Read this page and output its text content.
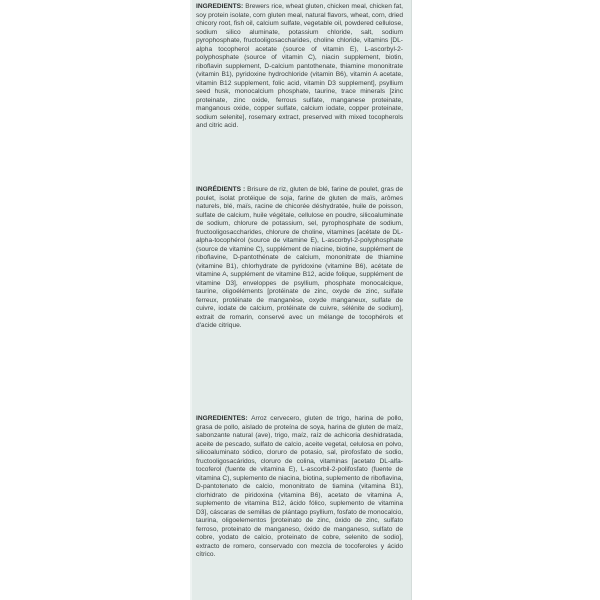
INGREDIENTS: Brewers rice, wheat gluten, chicken meal, chicken fat, soy protein isolate, corn gluten meal, natural flavors, wheat, corn, dried chicory root, fish oil, calcium sulfate, vegetable oil, powdered cellulose, sodium silico aluminate, potassium chloride, salt, sodium pyrophosphate, fructooligosaccharides, choline chloride, vitamins [DL-alpha tocopherol acetate (source of vitamin E), L-ascorbyl-2-polyphosphate (source of vitamin C), niacin supplement, biotin, riboflavin supplement, D-calcium pantothenate, thiamine mononitrate (vitamin B1), pyridoxine hydrochloride (vitamin B6), vitamin A acetate, vitamin B12 supplement, folic acid, vitamin D3 supplement], psyllium seed husk, monocalcium phosphate, taurine, trace minerals [zinc proteinate, zinc oxide, ferrous sulfate, manganese proteinate, manganous oxide, copper sulfate, calcium iodate, copper proteinate, sodium selenite], rosemary extract, preserved with mixed tocopherols and citric acid.
INGRÉDIENTS : Brisure de riz, gluten de blé, farine de poulet, gras de poulet, isolat protéique de soja, farine de gluten de maïs, arômes naturels, blé, maïs, racine de chicorée déshydratée, huile de poisson, sulfate de calcium, huile végétale, cellulose en poudre, silicoaluminate de sodium, chlorure de potassium, sel, pyrophosphate de sodium, fructooligosaccharides, chlorure de choline, vitamines [acétate de DL-alpha-tocophérol (source de vitamine E), L-ascorbyl-2-polyphosphate (source de vitamine C), supplément de niacine, biotine, supplément de riboflavine, D-pantothénate de calcium, mononitrate de thiamine (vitamine B1), chlorhydrate de pyridoxine (vitamine B6), acétate de vitamine A, supplément de vitamine B12, acide folique, supplément de vitamine D3], enveloppes de psyllium, phosphate monocalcique, taurine, oligoéléments [protéinate de zinc, oxyde de zinc, sulfate ferreux, protéinate de manganèse, oxyde manganeux, sulfate de cuivre, iodate de calcium, protéinate de cuivre, sélénite de sodium], extrait de romarin, conservé avec un mélange de tocophérols et d'acide citrique.
INGREDIENTES: Arroz cervecero, gluten de trigo, harina de pollo, grasa de pollo, aislado de proteína de soya, harina de gluten de maíz, sabonzante natural (ave), trigo, maíz, raíz de achicoria deshidratada, aceite de pescado, sulfato de calcio, aceite vegetal, celulosa en polvo, silicoaluminato sódico, cloruro de potasio, sal, pirofosfato de sodio, fructooligosacáridos, cloruro de colina, vitaminas [acetato DL-alfa-tocoferol (fuente de vitamina E), L-ascorbil-2-polifosfato (fuente de vitamina C), suplemento de niacina, biotina, suplemento de riboflavina, D-pantotenato de calcio, mononitrato de tiamina (vitamina B1), clorhidrato de piridoxina (vitamina B6), acetato de vitamina A, suplemento de vitamina B12, ácido fólico, suplemento de vitamina D3], cáscaras de semillas de plántago psyllium, fosfato de monocalcio, taurina, oligoelementos [proteinato de zinc, óxido de zinc, sulfato ferroso, proteinato de manganeso, óxido de manganeso, sulfato de cobre, yodato de calcio, proteinato de cobre, selenito de sodio], extracto de romero, conservado con mezcla de tocoferoles y ácido cítrico.
